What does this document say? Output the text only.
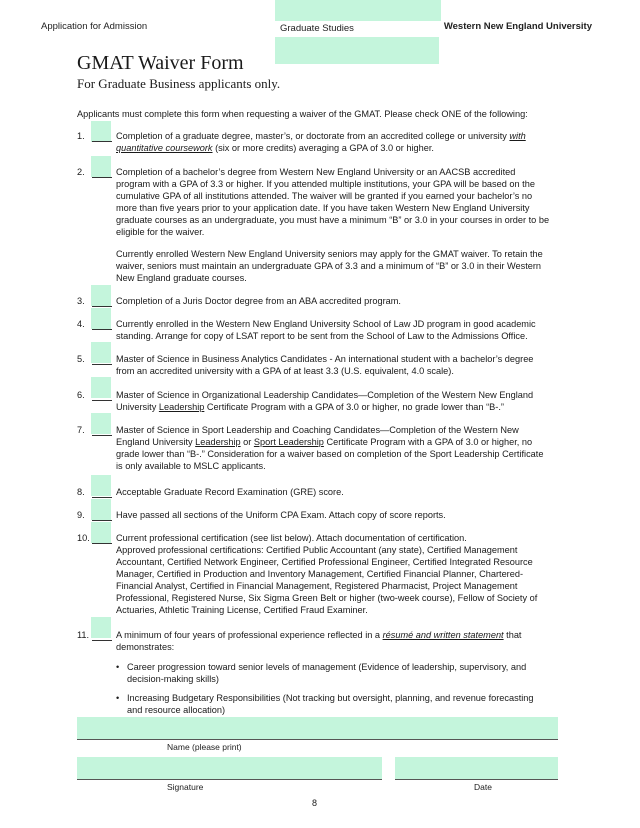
Application for Admission	Graduate Studies	Western New England University
GMAT Waiver Form
For Graduate Business applicants only.
Applicants must complete this form when requesting a waiver of the GMAT. Please check ONE of the following:
1.	Completion of a graduate degree, master’s, or doctorate from an accredited college or university with quantitative coursework (six or more credits) averaging a GPA of 3.0 or higher.
2.	Completion of a bachelor’s degree from Western New England University or an AACSB accredited program with a GPA of 3.3 or higher. If you attended multiple institutions, your GPA will be based on the cumulative GPA of all institutions attended. The waiver will be granted if you earned your bachelor’s no more than five years prior to your application date. If you have taken Western New England University graduate courses as an undergraduate, you must have a minimum “B” or 3.0 in your courses in order to be eligible for the waiver.
Currently enrolled Western New England University seniors may apply for the GMAT waiver. To retain the waiver, seniors must maintain an undergraduate GPA of 3.3 and a minimum of “B” or 3.0 in their Western New England graduate courses.
3.	Completion of a Juris Doctor degree from an ABA accredited program.
4.	Currently enrolled in the Western New England University School of Law JD program in good academic standing. Arrange for copy of LSAT report to be sent from the School of Law to the Admissions Office.
5.	Master of Science in Business Analytics Candidates - An international student with a bachelor’s degree from an accredited university with a GPA of at least 3.3 (U.S. equivalent, 4.0 scale).
6.	Master of Science in Organizational Leadership Candidates—Completion of the Western New England University Leadership Certificate Program with a GPA of 3.0 or higher, no grade lower than “B-.”
7.	Master of Science in Sport Leadership and Coaching Candidates—Completion of the Western New England University Leadership or Sport Leadership Certificate Program with a GPA of 3.0 or higher, no grade lower than “B-.” Consideration for a waiver based on completion of the Sport Leadership Certificate is only available to MSLC applicants.
8.	Acceptable Graduate Record Examination (GRE) score.
9.	Have passed all sections of the Uniform CPA Exam. Attach copy of score reports.
10.	Current professional certification (see list below). Attach documentation of certification.
Approved professional certifications: Certified Public Accountant (any state), Certified Management Accountant, Certified Network Engineer, Certified Professional Engineer, Certified Integrated Resource Manager, Certified in Production and Inventory Management, Certified Financial Planner, Chartered-Financial Analyst, Certified in Financial Management, Registered Pharmacist, Project Management Professional, Registered Nurse, Six Sigma Green Belt or higher (two-week course), Fellow of Society of Actuaries, Athletic Training License, Certified Fraud Examiner.
11.	A minimum of four years of professional experience reflected in a résumé and written statement that demonstrates:
• Career progression toward senior levels of management (Evidence of leadership, supervisory, and decision-making skills)
• Increasing Budgetary Responsibilities (Not tracking but oversight, planning, and revenue forecasting and resource allocation)
Name (please print)
Signature	Date
8
